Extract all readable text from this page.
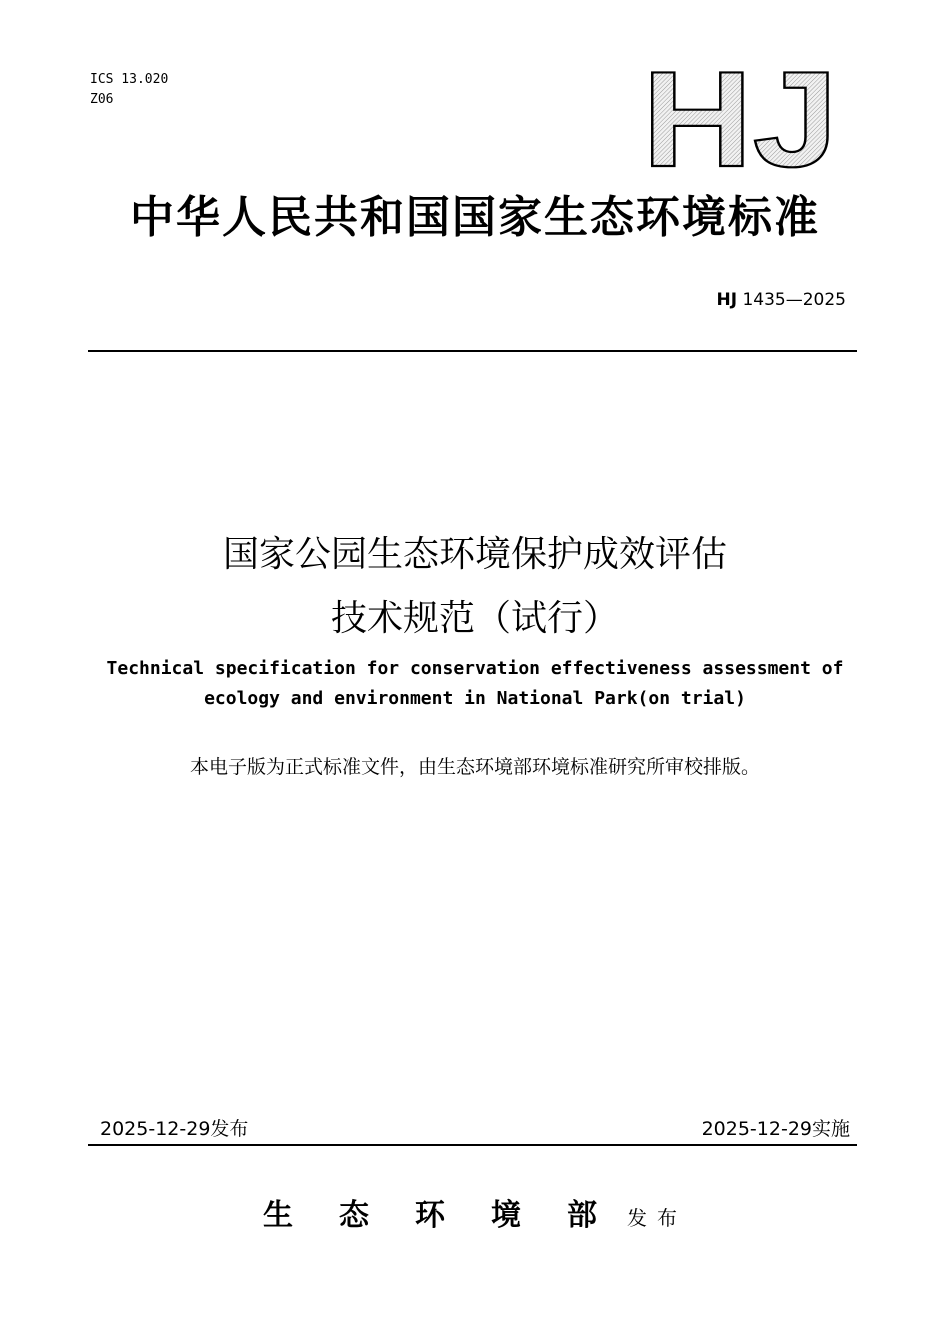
ICS 13.020
Z06	HJ
中华人民共和国国家生态环境标准
HJ 1435—2025
国家公园生态环境保护成效评估
技术规范（试行）
Technical specification for conservation effectiveness assessment of
ecology and environment in National Park(on trial)
本电子版为正式标准文件，由生态环境部环境标准研究所审校排版。
2025-12-29发布	2025-12-29实施
生态环境部发布
